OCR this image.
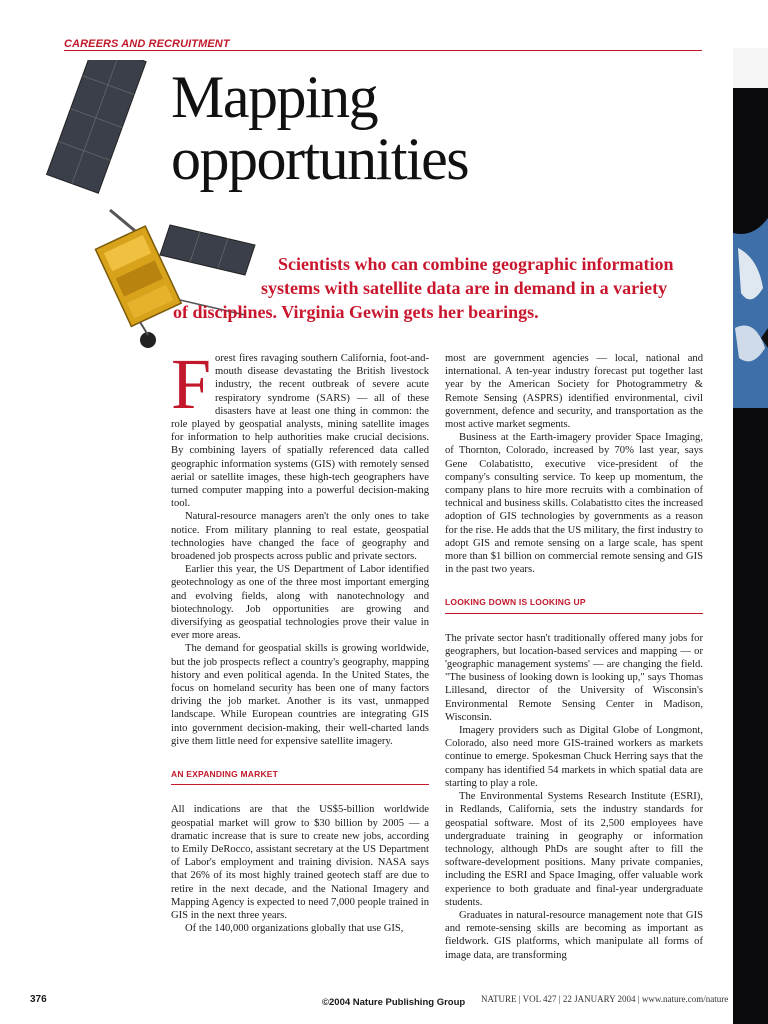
CAREERS AND RECRUITMENT
Mapping
opportunities
Scientists who can combine geographic information
systems with satellite data are in demand in a variety
of disciplines. Virginia Gewin gets her bearings.

Forest fires ravaging southern California, foot-and-mouth disease devastating the British livestock industry, the recent outbreak of severe acute respiratory syndrome (SARS) — all of these disasters have at least one thing in common: the role played by geospatial analysts, mining satellite images for information to help authorities make crucial decisions. By combining layers of spatially referenced data called geographic information systems (GIS) with remotely sensed aerial or satellite images, these high-tech geographers have turned computer mapping into a powerful decision-making tool.

Natural-resource managers aren't the only ones to take notice. From military planning to real estate, geospatial technologies have changed the face of geography and broadened job prospects across public and private sectors.

Earlier this year, the US Department of Labor identified geotechnology as one of the three most important emerging and evolving fields, along with nanotechnology and biotechnology. Job opportunities are growing and diversifying as geospatial technologies prove their value in ever more areas.

The demand for geospatial skills is growing worldwide, but the job prospects reflect a country's geography, mapping history and even political agenda. In the United States, the focus on homeland security has been one of many factors driving the job market. Another is its vast, unmapped landscape. While European countries are integrating GIS into government decision-making, their well-charted lands give them little need for expensive satellite imagery.

AN EXPANDING MARKET

All indications are that the US$5-billion worldwide geospatial market will grow to $30 billion by 2005 — a dramatic increase that is sure to create new jobs, according to Emily DeRocco, assistant secretary at the US Department of Labor's employment and training division. NASA says that 26% of its most highly trained geotech staff are due to retire in the next decade, and the National Imagery and Mapping Agency is expected to need 7,000 people trained in GIS in the next three years.

Of the 140,000 organizations globally that use GIS,

most are government agencies — local, national and international. A ten-year industry forecast put together last year by the American Society for Photogrammetry & Remote Sensing (ASPRS) identified environmental, civil government, defence and security, and transportation as the most active market segments.

Business at the Earth-imagery provider Space Imaging, of Thornton, Colorado, increased by 70% last year, says Gene Colabatistto, executive vice-president of the company's consulting service. To keep up momentum, the company plans to hire more recruits with a combination of technical and business skills. Colabatistto cites the increased adoption of GIS technologies by governments as a reason for the rise. He adds that the US military, the first industry to adopt GIS and remote sensing on a large scale, has spent more than $1 billion on commercial remote sensing and GIS in the past two years.

LOOKING DOWN IS LOOKING UP

The private sector hasn't traditionally offered many jobs for geographers, but location-based services and mapping — or 'geographic management systems' — are changing the field. "The business of looking down is looking up," says Thomas Lillesand, director of the University of Wisconsin's Environmental Remote Sensing Center in Madison, Wisconsin.

Imagery providers such as Digital Globe of Longmont, Colorado, also need more GIS-trained workers as markets continue to emerge. Spokesman Chuck Herring says that the company has identified 54 markets in which spatial data are starting to play a role.

The Environmental Systems Research Institute (ESRI), in Redlands, California, sets the industry standards for geospatial software. Most of its 2,500 employees have undergraduate training in geography or information technology, although PhDs are sought after to fill the software-development positions. Many private companies, including the ESRI and Space Imaging, offer valuable work experience to both graduate and final-year undergraduate students.

Graduates in natural-resource management note that GIS and remote-sensing skills are becoming as important as fieldwork. GIS platforms, which manipulate all forms of image data, are transforming

376	©2004 Nature Publishing Group NATURE | VOL 427 | 22 JANUARY 2004 | www.nature.com/nature
